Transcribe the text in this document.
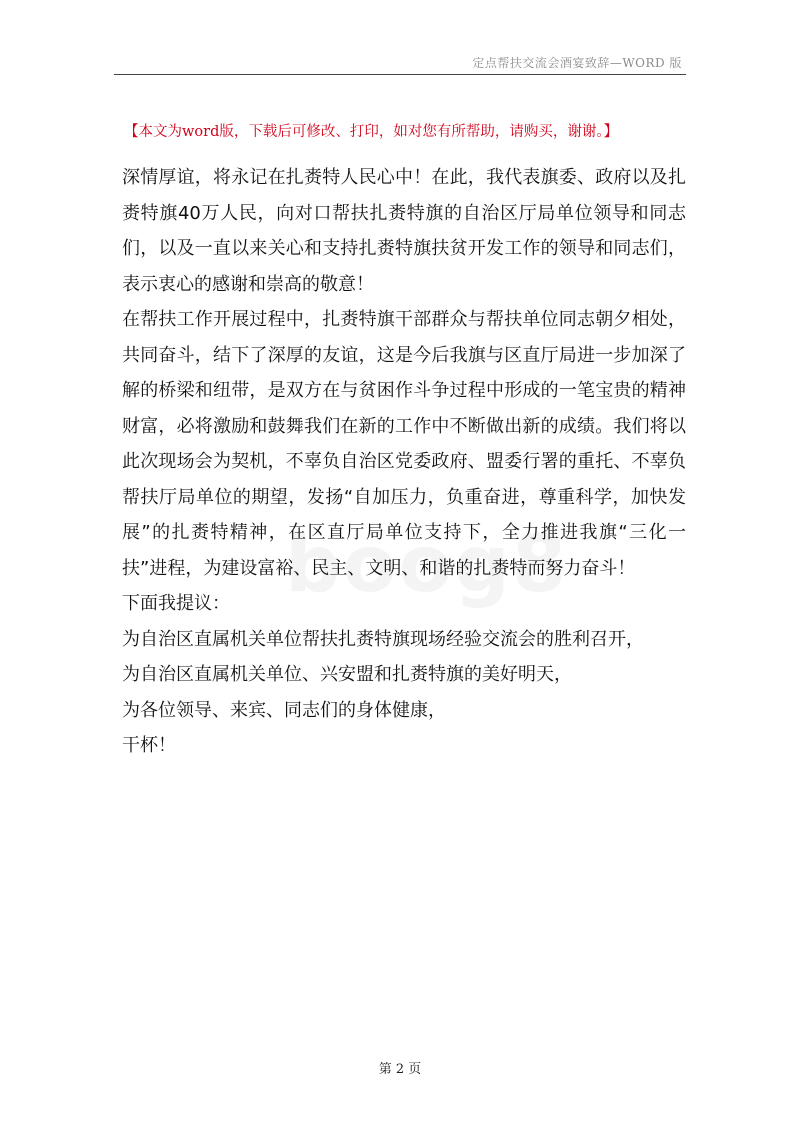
定点帮扶交流会酒宴致辞—WORD 版
【本文为word版，下载后可修改、打印，如对您有所帮助，请购买，谢谢。】

深情厚谊，将永记在扎赉特人民心中！在此，我代表旗委、政府以及扎赉特旗40万人民，向对口帮扶扎赉特旗的自治区厅局单位领导和同志们，以及一直以来关心和支持扎赉特旗扶贫开发工作的领导和同志们，表示衷心的感谢和崇高的敬意！

在帮扶工作开展过程中，扎赉特旗干部群众与帮扶单位同志朝夕相处，共同奋斗，结下了深厚的友谊，这是今后我旗与区直厅局进一步加深了解的桥梁和纽带，是双方在与贫困作斗争过程中形成的一笔宝贵的精神财富，必将激励和鼓舞我们在新的工作中不断做出新的成绩。我们将以此次现场会为契机，不辜负自治区党委政府、盟委行署的重托、不辜负帮扶厅局单位的期望，发扬“自加压力，负重奋进，尊重科学，加快发展”的扎赉特精神，在区直厅局单位支持下，全力推进我旗“三化一扶”进程，为建设富裕、民主、文明、和谐的扎赉特而努力奋斗！

下面我提议：

为自治区直属机关单位帮扶扎赉特旗现场经验交流会的胜利召开，

为自治区直属机关单位、兴安盟和扎赉特旗的美好明天，

为各位领导、来宾、同志们的身体健康，

干杯！

第 2 页
